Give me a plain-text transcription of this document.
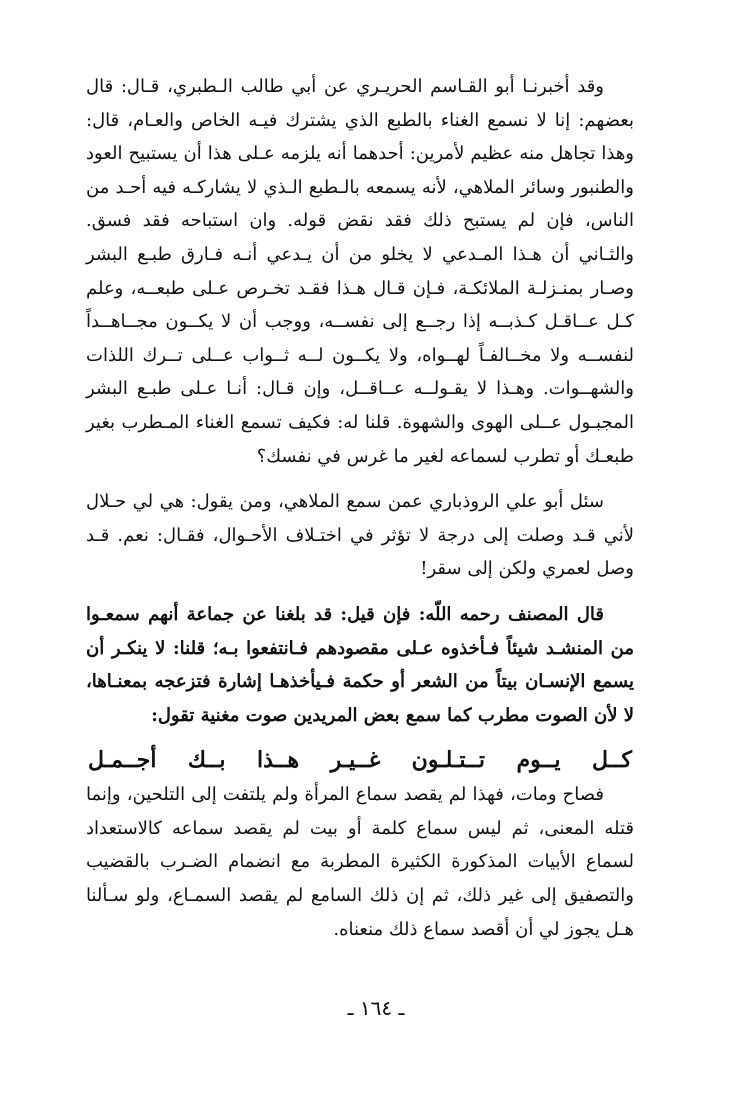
وقد أخبرنـا أبو القـاسم الحريـري عن أبي طالب الـطبري، قـال: قال بعضهم: إنا لا نسمع الغناء بالطبع الذي يشترك فيـه الخاص والعـام، قال: وهذا تجاهل منه عظيم لأمرين: أحدهما أنه يلزمه عـلى هذا أن يستبيح العود والطنبور وسائر الملاهي، لأنه يسمعه بالـطبع الـذي لا يشاركـه فيه أحـد من الناس، فإن لم يستبح ذلك فقد نقض قوله. وان استباحه فقد فسق. والثـاني أن هـذا المـدعي لا يخلو من أن يـدعي أنـه فـارق طبـع البشر وصـار بمنـزلـة الملائكـة، فـإن قـال هـذا فقـد تخـرص عـلى طبعــه، وعلم كـل عــاقـل كـذبــه إذا رجــع إلى نفســه، ووجب أن لا يكــون مجــاهــداً لنفســه ولا مخــالفـاً لهــواه، ولا يكــون لــه ثــواب عــلى تــرك اللذات والشهــوات. وهـذا لا يقـولــه عــاقــل، وإن قـال: أنـا عـلى طبـع البشر المجبـول عــلى الهوى والشهوة. قلنا له: فكيف تسمع الغناء المـطرب بغير طبعـك أو تطرب لسماعه لغير ما غرس في نفسك؟

سئل أبو علي الروذباري عمن سمع الملاهي، ومن يقول: هي لي حـلال لأني قـد وصلت إلى درجة لا تؤثر في اختـلاف الأحـوال، فقـال: نعم. قـد وصل لعمري ولكن إلى سقر!

قال المصنف رحمه اللّه: فإن قيل: قد بلغنا عن جماعة أنهم سمعـوا من المنشـد شيئاً فـأخذوه عـلى مقصودهم فـانتفعوا بـه؛ قلنا: لا ينكـر أن يسمع الإنسـان بيتاً من الشعر أو حكمة فـيأخذهـا إشارة فتزعجه بمعنـاها، لا لأن الصوت مطرب كما سمع بعض المريدين صوت مغنية تقول:

كــل
يــوم
تــتـلـون
غــيـر
هــذا
بــك
أجــمـل

فصاح ومات، فهذا لم يقصد سماع المرأة ولم يلتفت إلى التلحين، وإنما قتله المعنى، ثم ليس سماع كلمة أو بيت لم يقصد سماعه كالاستعداد لسماع الأبيات المذكورة الكثيرة المطربة مع انضمام الضـرب بالقضيب والتصفيق إلى غير ذلك، ثم إن ذلك السامع لم يقصد السمـاع، ولو سـألنا هـل يجوز لي أن أقصد سماع ذلك منعناه.

ـ ١٦٤ ـ
